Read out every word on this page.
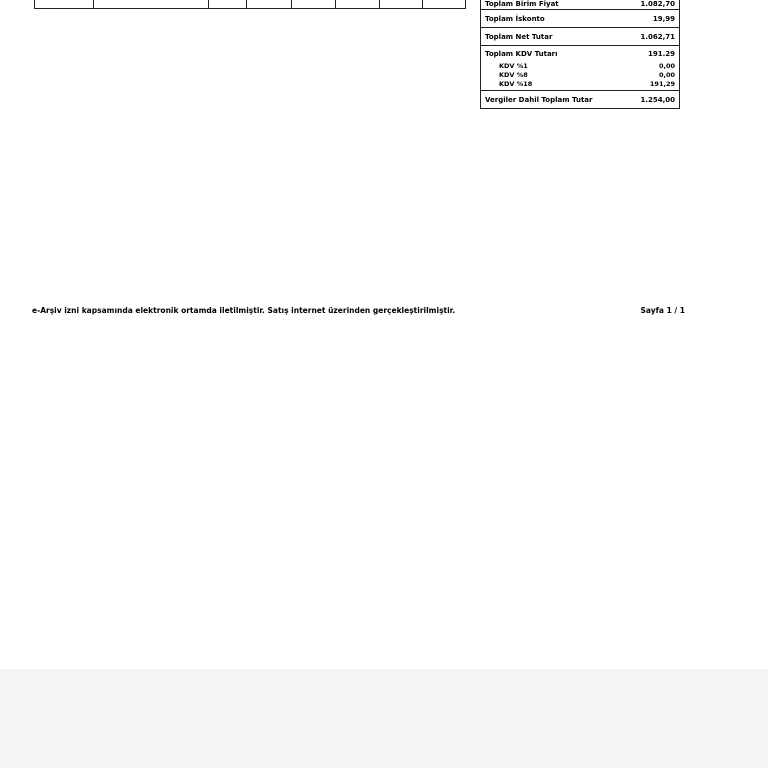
Toplam Birim Fiyat	1.082,70
Toplam İskonto	19,99
Toplam Net Tutar	1.062,71
Toplam KDV Tutarı	191.29
KDV %1	0,00
KDV %8	0,00
KDV %18	191,29
Vergiler Dahil Toplam Tutar	1.254,00
e-Arşiv izni kapsamında elektronik ortamda iletilmiştir. Satış internet üzerinden gerçekleştirilmiştir.	Sayfa 1 / 1
